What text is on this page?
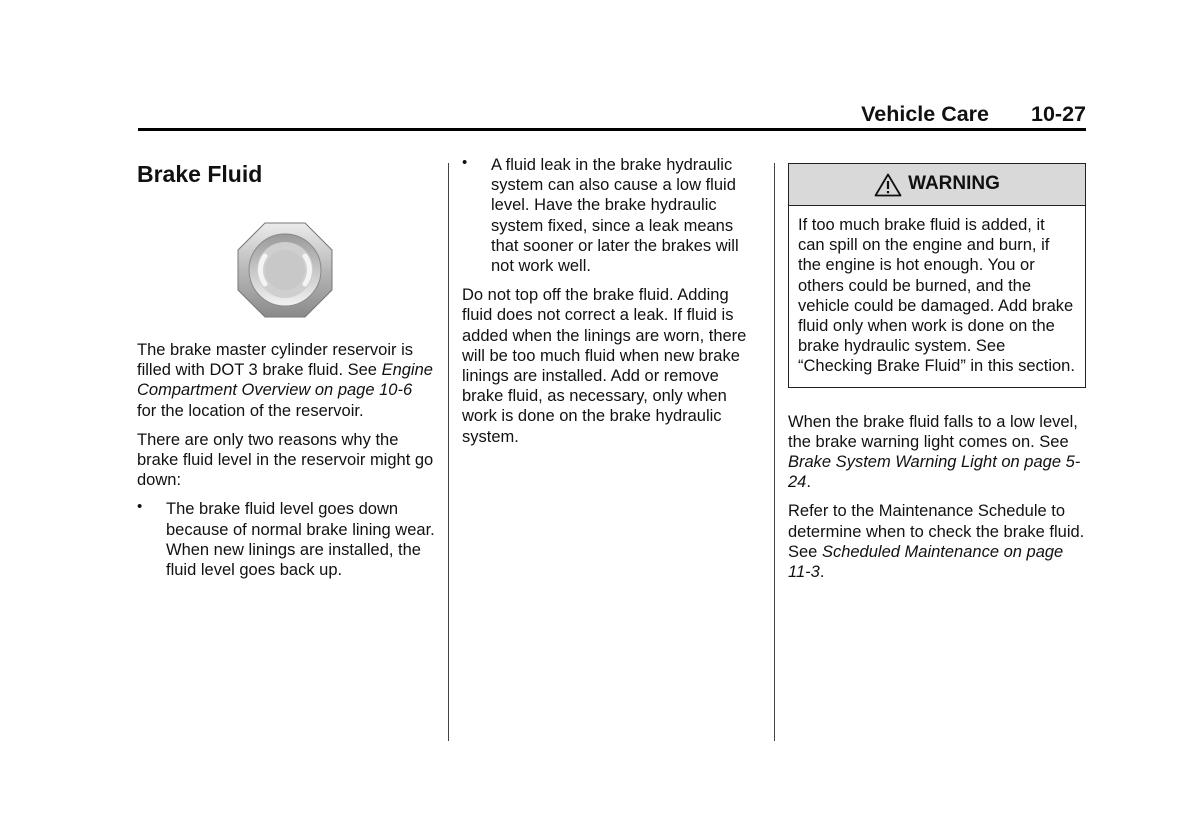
Vehicle Care 10-27
Brake Fluid

The brake master cylinder reservoir is filled with DOT 3 brake fluid. See Engine Compartment Overview on page 10-6 for the location of the reservoir.

There are only two reasons why the brake fluid level in the reservoir might go down:

• The brake fluid level goes down because of normal brake lining wear. When new linings are installed, the fluid level goes back up.
• A fluid leak in the brake hydraulic system can also cause a low fluid level. Have the brake hydraulic system fixed, since a leak means that sooner or later the brakes will not work well.

Do not top off the brake fluid. Adding fluid does not correct a leak. If fluid is added when the linings are worn, there will be too much fluid when new brake linings are installed. Add or remove brake fluid, as necessary, only when work is done on the brake hydraulic system.

WARNING
If too much brake fluid is added, it can spill on the engine and burn, if the engine is hot enough. You or others could be burned, and the vehicle could be damaged. Add brake fluid only when work is done on the brake hydraulic system. See “Checking Brake Fluid” in this section.

When the brake fluid falls to a low level, the brake warning light comes on. See Brake System Warning Light on page 5-24.

Refer to the Maintenance Schedule to determine when to check the brake fluid. See Scheduled Maintenance on page 11-3.
